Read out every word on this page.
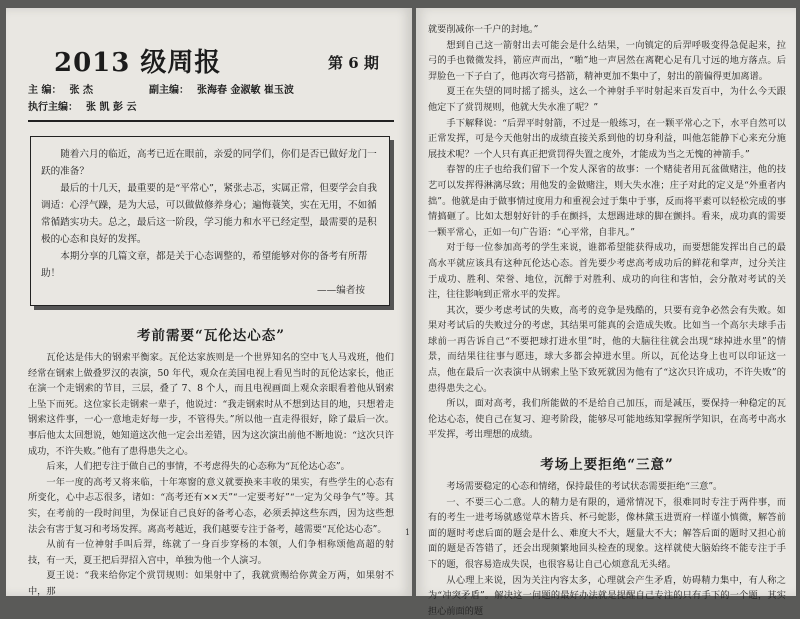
2013 级周报	第 6 期
主 编： 张 杰	副主编： 张海春 金淑敏 崔玉波
执行主编： 张 凯 彭 云

随着六月的临近，高考已近在眼前，亲爱的同学们，你们是否已做好龙门一跃的准备？

最后的十几天，最重要的是“平常心”，紧张忐忑，实属正常，但要学会自我调适：心浮气躁，是为大忌，可以做做修养身心；遍悔蓑笑，实在无用，不如循常循踏实功夫。总之，最后这一阶段，学习能力和水平已经定型，最需要的是积极的心态和良好的发挥。

本期分享的几篇文章，都是关于心态调整的，希望能够对你的备考有所帮助！

——编者按
考前需要“瓦伦达心态”

瓦伦达是伟大的钢索平衡家。瓦伦达家族则是一个世界知名的空中飞人马戏班，他们经常在钢索上做叠罗汉的表演，50 年代，观众在美国电视上看见当时的瓦伦达家长，他正在演一个走钢索的节目，三层，叠了 7、8 个人，而且电视画面上观众亲眼看着他从钢索上坠下而死。这位家长走钢索一辈子，他说过：“我走钢索时从不想到达目的地，只想着走钢索这件事，一心一意地走好每一步，不管得失。”所以他一直走得很好，除了最后一次。事后他太太回想说，她知道这次他一定会出差错，因为这次演出前他不断地说：“这次只许成功，不许失败。”他有了患得患失之心。

后来，人们把专注于做自己的事情，不考虑得失的心态称为“瓦伦达心态”。

一年一度的高考又将来临，十年寒窗的意义就要换来丰收的果实，有些学生的心态有所变化，心中忐忑很多，诸如：“高考还有××天”“一定要考好”“一定为父母争气”等。其实，在考前的一段时间里，为保证自己良好的备考心态，必须丢掉这些东西，因为这些想法会有害于复习和考场发挥。离高考越近，我们越要专注于备考，越需要“瓦伦达心态”。

从前有一位神射手叫后羿，练就了一身百步穿杨的本领，人们争相称颂他高超的射技，有一天，夏王把后羿招入宫中，单独为他一个人演习。

夏王说：“我来给你定个赏罚规则：如果射中了，我就赏赐给你黄金万两，如果射不中，那

就要削减你一千户的封地。”

想到自己这一箭射出去可能会是什么结果，一向镇定的后羿呼吸变得急促起来，拉弓的手也微微发抖，箭应声而出，“啪”地一声居然在离靶心足有几寸远的地方落点。后羿脸色一下子白了，他再次弯弓搭箭，精神更加不集中了，射出的箭偏得更加离谱。

夏王在失望的同时摇了摇头，这么一个神射手平时射起来百发百中，为什么今天跟他定下了赏罚规则，他就大失水准了呢？”

手下解释说：“后羿平时射箭，不过是一般练习，在一颗平常心之下，水平自然可以正常发挥，可是今天他射出的成绩直接关系到他的切身利益，叫他怎能静下心来充分施展技术呢？一个人只有真正把赏罚得失置之度外，才能成为当之无愧的神箭手。”

春智的庄子也给我们留下一个发人深省的故事：一个赌徒者用瓦盆做赌注，他的技艺可以发挥得淋漓尽致；用他发的金做赌注，则大失水准；庄子对此的定义是“外重者内拙”。他就是由于做事情过度用力和重视会过于集中于事，反而将平素可以轻松完成的事情搞砸了。比如太想射好针的手在颤抖，太想踢进球的脚在颤抖。看来，成功真的需要一颗平常心，正如一句广告语：“心平常，自非凡。”

对于每一位参加高考的学生来说，谁都希望能获得成功，而要想能发挥出自己的最高水平就应该具有这种瓦伦达心态。首先要少考虑高考成功后的鲜花和掌声，过分关注于成功、胜利、荣誉、地位，沉醉于对胜利、成功的向往和害怕，会分散对考试的关注，往往影响到正常水平的发挥。

其次，要少考虑考试的失败，高考的竞争是残酷的，只要有竞争必然会有失败。如果对考试后的失败过分的考虑，其结果可能真的会造成失败。比如当一个高尔夫球手击球前一再告诉自己“不要把球打进水里”时，他的大脑往往就会出现“球掉进水里”的情景，而结果往往事与愿违，球大多都会掉进水里。所以，瓦伦达身上也可以印证这一点，他在最后一次表演中从钢索上坠下致死就因为他有了“这次只许成功，不许失败”的患得患失之心。

所以，面对高考，我们所能做的不是给自己加压，而是减压，要保持一种稳定的瓦伦达心态，使自己在复习、迎考阶段，能够尽可能地练知掌握所学知识，在高考中高水平发挥，考出理想的成绩。

考场上要拒绝“三意”

考场需要稳定的心态和情绪，保持最佳的考试状态需要拒绝“三意”。

一、不要三心二意。人的精力是有限的，通常情况下，很难同时专注于两件事，而有的考生一进考场就感觉草木皆兵、杯弓蛇影，像林黛玉进贾府一样谨小慎微，解答前面的题时考虑后面的题会是什么、难度大不大，题量大不大；解答后面的题时又担心前面的题是否答错了，还会出现频繁地回头检查的现象。这样就使大脑始终不能专注于手下的题，很容易造成失误，也很容易让自己心烦意乱无头绪。

从心理上来说，因为关注内容太多，心理就会产生矛盾，妨碍精力集中，有人称之为“冲突矛盾”。解决这一问题的最好办法就是提醒自己专注的只有手下的一个题，其实担心前面的题

1
